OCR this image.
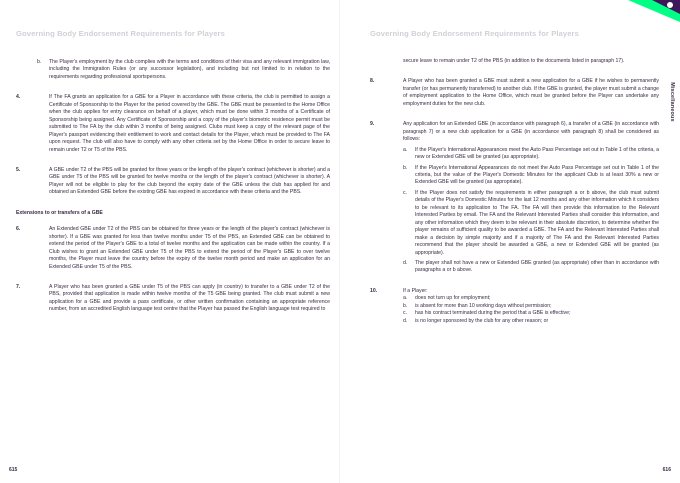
Governing Body Endorsement Requirements for Players
b. The Player's employment by the club complies with the terms and conditions of their visa and any relevant immigration law, including the Immigration Rules (or any successor legislation), and including but not limited to in relation to the requirements regarding professional sportspersons.
4.	If The FA grants an application for a GBE for a Player in accordance with these criteria, the club is permitted to assign a Certificate of Sponsorship to the Player for the period covered by the GBE. The GBE must be presented to the Home Office when the club applies for entry clearance on behalf of a player, which must be done within 3 months of a Certificate of Sponsorship being assigned. Any Certificate of Sponsorship and a copy of the player's biometric residence permit must be submitted to The FA by the club within 3 months of being assigned. Clubs must keep a copy of the relevant page of the Player's passport evidencing their entitlement to work and contact details for the Player, which must be provided to The FA upon request. The club will also have to comply with any other criteria set by the Home Office in order to secure leave to remain under T2 or T5 of the PBS.
5.	A GBE under T2 of the PBS will be granted for three years or the length of the player's contract (whichever is shorter) and a GBE under T5 of the PBS will be granted for twelve months or the length of the player's contract (whichever is shorter). A Player will not be eligible to play for the club beyond the expiry date of the GBE unless the club has applied for and obtained an Extended GBE before the existing GBE has expired in accordance with these criteria and the PBS.
Extensions to or transfers of a GBE
6.	An Extended GBE under T2 of the PBS can be obtained for three years or the length of the player's contract (whichever is shorter). If a GBE was granted for less than twelve months under T5 of the PBS, an Extended GBE can be obtained to extend the period of the Player's GBE to a total of twelve months and the application can be made within the country. If a Club wishes to grant an Extended GBE under T5 of the PBS to extend the period of the Player's GBE to over twelve months, the Player must leave the country before the expiry of the twelve month period and make an application for an Extended GBE under T5 of the PBS.
7.	A Player who has been granted a GBE under T5 of the PBS can apply (in country) to transfer to a GBE under T2 of the PBS, provided that application is made within twelve months of the T5 GBE being granted. The club must submit a new application for a GBE and provide a pass certificate, or other written confirmation containing an appropriate reference number, from an accredited English language test centre that the Player has passed the English language test required to
615
Governing Body Endorsement Requirements for Players
Miscellaneous
secure leave to remain under T2 of the PBS (in addition to the documents listed in paragraph 17).
8.	A Player who has been granted a GBE must submit a new application for a GBE if he wishes to permanently transfer (or has permanently transferred) to another club. If the GBE is granted, the player must submit a change of employment application to the Home Office, which must be granted before the Player can undertake any employment duties for the new club.
9.	Any application for an Extended GBE (in accordance with paragraph 6), a transfer of a GBE (in accordance with paragraph 7) or a new club application for a GBE (in accordance with paragraph 8) shall be considered as follows:
a. If the Player's International Appearances meet the Auto Pass Percentage set out in Table 1 of the criteria, a new or Extended GBE will be granted (as appropriate).
b. If the Player's International Appearances do not meet the Auto Pass Percentage set out in Table 1 of the criteria, but the value of the Player's Domestic Minutes for the applicant Club is at least 30% a new or Extended GBE will be granted (as appropriate).
c. If the Player does not satisfy the requirements in either paragraph a or b above, the club must submit details of the Player's Domestic Minutes for the last 12 months and any other information which it considers to be relevant to its application to The FA. The FA will then provide this information to the Relevant Interested Parties by email. The FA and the Relevant Interested Parties shall consider this information, and any other information which they deem to be relevant in their absolute discretion, to determine whether the player remains of sufficient quality to be awarded a GBE. The FA and the Relevant Interested Parties shall make a decision by simple majority and if a majority of The FA and the Relevant Interested Parties recommend that the player should be awarded a GBE, a new or Extended GBE will be granted (as appropriate).
d. The player shall not have a new or Extended GBE granted (as appropriate) other than in accordance with paragraphs a or b above.
10.	If a Player:
a. does not turn up for employment;
b. is absent for more than 10 working days without permission;
c. has his contract terminated during the period that a GBE is effective;
d. is no longer sponsored by the club for any other reason; or
616
